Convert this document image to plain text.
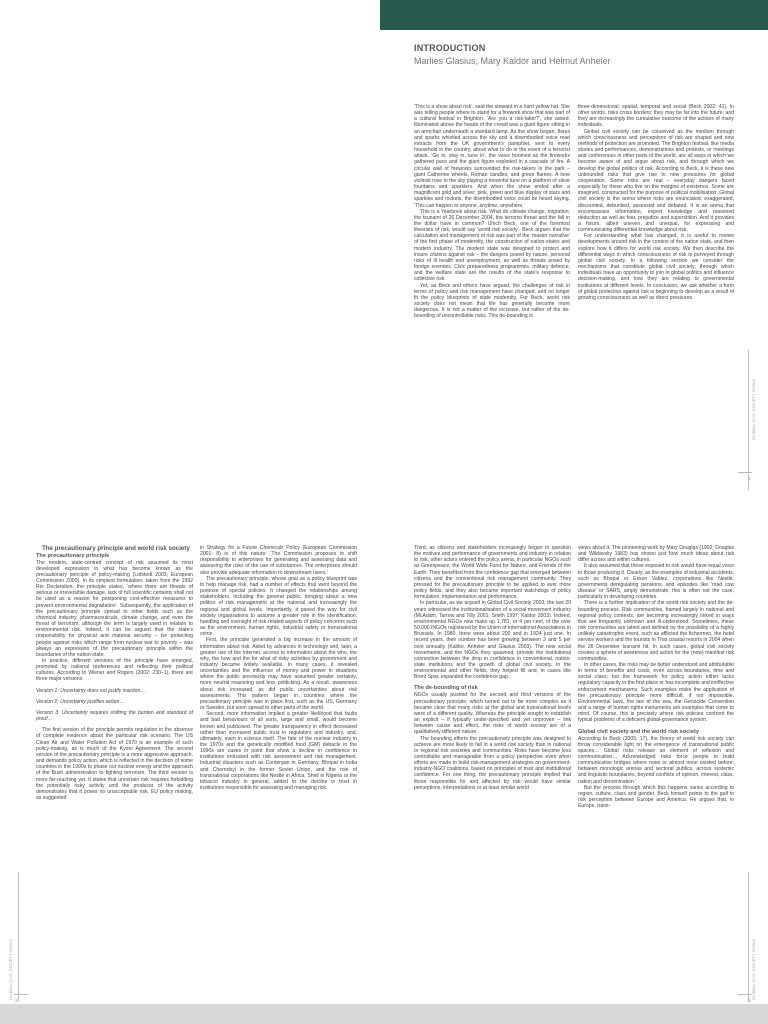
INTRODUCTION
Marlies Glasius, Mary Kaldor and Helmut Anheier

‘This is a show about risk’, said the steward in a hard yellow hat. She was telling people where to stand for a firework show that was part of a cultural festival in Brighton. ‘Are you a risk-taker?’, she asked. Illuminated above the heads of the crowd was a giant figure sitting in an armchair underneath a standard lamp. As the show began, flares and sparks whistled across the sky and a disembodied voice read extracts from the UK government’s pamphlet, sent to every household in the country, about what to do in the event of a terrorist attack. ‘Go in, stay in, tune in’, the voice boomed as the fireworks gathered pace and the giant figure exploded in a cascade of fire. A circular wall of fireworks surrounded the risk-takers in the park – giant Catherine wheels, Roman candles, and green flames. A lone violinist rose to the sky playing a mournful tune on a platform of silver fountains and sparklers. And when the show ended after a magnificent gold and silver, pink, green and blue display of stars and sparkles and rockets, the disembodied voice could be heard saying, ‘This can happen to anyone, anytime, anywhere.’

This is a Yearbook about risk. What do climate change, migration, the tsunami of 26 December 2004, the terrorist threat and the fall in the dollar have in common? Ulrich Beck, one of the foremost theorists of risk, would say ‘world risk society’. Beck argues that the calculation and management of risk was part of the ‘master narrative’ of the first phase of modernity, the construction of nation-states and modern industry. The modern state was designed to protect and insure citizens against risk – the dangers posed by nature, personal risks of ill health and unemployment, as well as threats posed by foreign enemies. Civic preparedness programmes, military defence, and the welfare state are the results of the state’s response to collective risk.

Yet, as Beck and others have argued, the challenges of risk in terms of policy and risk management have changed, and no longer fit the policy blueprints of state modernity. For Beck, world risk society does not mean that life has generally become more dangerous. It is not a matter of the increase, but rather of the de-bounding of uncontrollable risks. This de-bounding is

three-dimensional: spatial, temporal and social (Beck 2002: 41). In other words, risks cross borders; they may be far into the future; and they are increasingly the cumulative outcome of the actions of many individuals.

Global civil society can be conceived as the medium through which consciousness and perceptions of risk are shaped and new methods of protection are promoted. The Brighton festival, like media stories and performances, demonstrations and protests, or meetings and conferences in other parts of the world, are all ways in which we become aware of and argue about risk, and through which we develop the global politics of risk. According to Beck, it is these new unbounded risks that give rise to new pressures for global cooperation. Some risks are real – everyday dangers faced especially by those who live on the margins of existence. Some are imagined, constructed for the purpose of political mobilisation. Global civil society is the arena where risks are enunciated, exaggerated, discounted, debunked, assessed and debated. It is an arena that encompasses information, expert knowledge and reasoned deduction as well as fear, prejudice and superstition. And it provides a forum, albeit uneven and unequal, for expressing and communicating differential knowledge about risk.

For understanding what has changed, it is useful to review developments around risk in the context of the nation state, and then explore how it differs for world risk society. We then describe the differential ways in which consciousness of risk is purveyed through global civil society. In a following section we consider the mechanisms that constitute global civil society, through which individuals have an opportunity to join in global politics and influence decision-making, and how they are relating to governmental institutions at different levels. In conclusion, we ask whether a form of global protection against risk is beginning to develop as a result of growing consciousness as well as direct pressures.

GLOBAL CIVIL SOCIETY 2005/6
1

The precautionary principle and world risk society

The precautionary principle

The modern, state-centred concept of risk assumed its most developed expression in what has become known as the precautionary principle of policy-making (Lofstedt 2003; European Commission 2000). In its simplest formulation, taken from the 1992 Rio Declaration, the principle states, ‘where there are threats of serious or irreversible damage, lack of full scientific certainty shall not be used as a reason for postponing cost-effective measures to prevent environmental degradation’. Subsequently, the application of the precautionary principle spread to other fields such as the chemical industry, pharmaceuticals, climate change, and even the threat of terrorism, although the term is largely used in relation to environmental risk. Indeed, it can be argued that the state’s responsibility for physical and material security – for protecting people against risks which range from nuclear war to poverty – was always an expression of the precautionary principle within the boundaries of the nation-state.

In practice, different versions of the principle have emerged, promoted by national preferences and reflecting their political cultures. According to Wiener and Rogers (2002: 230–1), there are three major versions:

Version 1: Uncertainty does not justify inaction…

Version 2: Uncertainty justifies action…

Version 3: Uncertainty requires shifting the burden and standard of proof…

The first version of the principle permits regulation in the absence of complete evidence about the particular risk scenario. The US Clean Air and Water Pollution Act of 1970 is an example of such policy-making, as is much of the Kyoto Agreement. The second version of the precautionary principle is a more aggressive approach, and demands policy action, which is reflected in the decision of some countries in the 1990s to phase out nuclear energy and the approach of the Bush administration to fighting terrorism. The third version is more far-reaching yet. It states that uncertain risk requires forbidding the potentially risky activity until the producer of the activity demonstrates that it poses no unacceptable risk. EU policy making, as suggested

in Strategy for a Future Chemicals Policy (European Commission 2001: 8) is of this nature: ‘The Commission proposes to shift responsibility to enterprises for generating and assessing data and assessing the risks of the use of substances. The enterprises should also provide adequate information to downstream users.’

The precautionary principle, whose goal as a policy blueprint was to help manage risk, had a number of effects that went beyond the purpose of special policies. It changed the relationships among stakeholders, including the general public, bringing about a new politics of risk management at the national and increasingly the regional and global levels. Importantly, it paved the way for civil society organisations to assume a greater role in the identification, handling and oversight of risk-related aspects of policy concerns such as the environment, human rights, industrial safety or transnational crime.

First, the principle generated a big increase in the amount of information about risk. Aided by advances in technology and, later, a greater use of the internet, access to information about the who, the why, the how and the for what of risky activities by government and industry became widely available. In many cases, it revealed uncertainties and the influence of money and power in situations where the public previously may have assumed greater certainty, more neutral reasoning and less politicking. As a result, awareness about risk increased, as did public uncertainties about risk assessments. This pattern began in countries where the precautionary principle was in place first, such as the US, Germany or Sweden, but soon spread to other parts of the world.

Second, more information implied a greater likelihood that faults and bad behaviours of all sorts, large and small, would become known and publicised. The greater transparency in effect decreased rather than increased public trust in regulators and industry, and, ultimately, even in science itself. The fate of the nuclear industry in the 1970s and the genetically modified food (GM) debacle in the 1990s are cases in point that show a decline in confidence in institutions entrusted with risk assessment and risk management. Industrial disasters such as Contergan in Germany, Bhopal in India and Chernobyl in the former Soviet Union, and the role of transnational corporations like Nestlé in Africa, Shell in Nigeria or the tobacco industry in general, added to the decline in trust in institutions responsible for assessing and managing risk.

Third, as citizens and stakeholders increasingly began to question the motives and performance of governments and industry in relation to risk, other actors entered the policy arena, in particular NGOs such as Greenpeace, the World Wide Fund for Nature, and Friends of the Earth. They benefited from the confidence gap that emerged between citizens and the conventional risk management community. They pressed for the precautionary principle to be applied to ever more policy fields, and they also became important watchdogs of policy formulation, implementation and performance.

In particular, as we argued in Global Civil Society 2003, the last 20 years witnessed the institutionalisation of a social movement industry (McAdam, Tarrow and Tilly 2001; Smith 1997; Kaldor 2003). Indeed, environmental NGOs now make up 1,781, or 4 per cent, of the over 50,000 INGOs registered by the Union of International Associations in Brussels. In 1980, there were about 200 and in 1924 just one. In recent years, their number has been growing between 3 and 5 per cent annually (Kaldor, Anheier and Glasius 2003). The new social movements, and the NGOs they spawned, provide the institutional connection between the drop in confidence in conventional, nation-state institutions and the growth of global civil society. In the environmental and other fields, they helped fill and, in cases like Brent Spar, expanded the confidence gap.

The de-bounding of risk

NGOs usually pushed for the second and third versions of the precautionary principle, which turned out to be more complex as it became clear that many risks at the global and transnational levels were of a different quality. Whereas the principle sought to establish an explicit – if typically under-specified and yet unproven – link between cause and effect, the risks of world society are of a qualitatively different nature.

The bounding efforts the precautionary principle was designed to achieve are more likely to fail in a world risk society than in national or regional risk societies and communities. Risks have become less controllable and manageable from a policy perspective even when efforts are made to build risk-management strategies on government-industry-NGO coalitions, based on principles of trust and institutional confidence. For one thing, the precautionary principle implied that those responsible for and affected by risk would have similar perceptions, interpretations or at least similar world

views about it. The pioneering work by Mary Douglas (1992; Douglas and Wildavsky 1983) has shown just how much ideas about risk differ across and within cultures.

It also assumed that those exposed to risk would have equal voice to those producing it. Clearly, as the examples of industrial accidents, such as Bhopal or Exxon Valdez, corporations like Nestlé, governments deregulating pensions, and episodes like ‘mad cow disease’ or SARS, amply demonstrate, this is often not the case, particularly in developing countries.

There is a further implication of the world risk society and the de-bounding process. Risk communities, framed largely in national and regional policy contexts, are becoming increasingly linked in ways that are frequently unknown and ill-understood. Sometimes, these risk communities are latent and defined by the possibility of a highly unlikely catastrophic event, such as afflicted the fishermen, the hotel service workers and the tourists in Thai coastal resorts in 2004 when the 26 December tsunami hit. In such cases, global civil society creates a sphere of awareness and action for the (now) manifest risk communities.

In other cases, the risks may be better understood and attributable in terms of benefits and costs, even across boundaries, time and social class; but the framework for policy action either lacks regulatory capacity in the first place or has incomplete and ineffective enforcement mechanisms. Such examples make the application of the precautionary principle more difficult, if not impossible. Environmental laws, the law of the sea, the Genocide Convention and a range of human rights instruments are examples that come to mind. Of course, this is precisely where risk policies confront the typical problems of a deficient global-governance system.

Global civil society and the world risk society

According to Beck (2005: 17), the theory of world risk society can throw considerable light on the emergence of transnational public spaces… Global risks release an element of reflexion and communication… Acknowledged risks force people to build communicative bridges where none or almost none existed before: between monologic arenas and sectoral publics, across systemic and linguistic boundaries, beyond conflicts of opinion, interest, class, nation and denomination.’

But the process through which this happens varies according to region, culture, class and gender. Beck himself points to the gulf in risk perception between Europe and America. He argues that, in Europe, trans-

GLOBAL CIVIL SOCIETY 2005/6
2
GLOBAL CIVIL SOCIETY 2005/6
3
